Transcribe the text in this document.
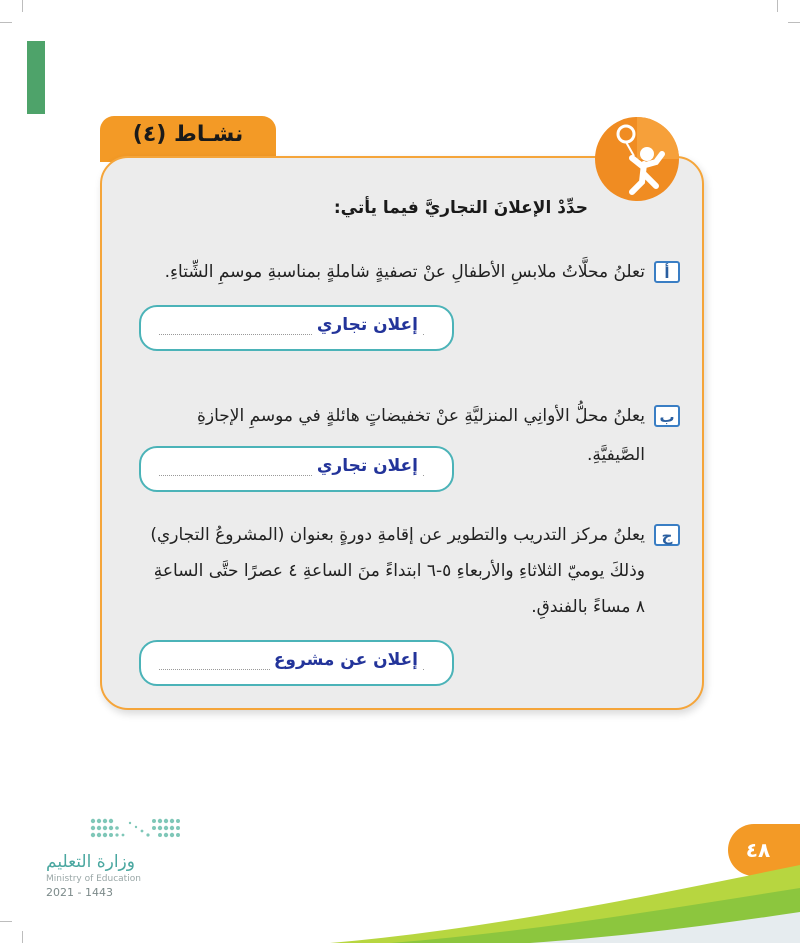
نشـاط (٤)
حدِّدْ الإعلانَ التجاريَّ فيما يأتي:
أ
تعلنُ محلَّاتُ ملابسِ الأطفالِ عنْ تصفيةٍ شاملةٍ بمناسبةِ موسمِ الشِّتاءِ.
إعلان تجاري
ب
يعلنُ محلُّ الأوانِي المنزليَّةِ عنْ تخفيضاتٍ هائلةٍ في موسمِ الإجازةِ الصَّيفيَّةِ.
إعلان تجاري
ج
يعلنُ مركز التدريب والتطوير عن إقامةِ دورةٍ بعنوان (المشروعُ التجاري)
وذلكَ يوميّ الثلاثاءِ والأربعاءِ ٥-٦ ابتداءً منَ الساعةِ ٤ عصرًا حتَّى الساعةِ
٨ مساءً بالفندقِ.
إعلان عن مشروع
وزارة التعليم
Ministry of Education
2021 - 1443
٤٨
